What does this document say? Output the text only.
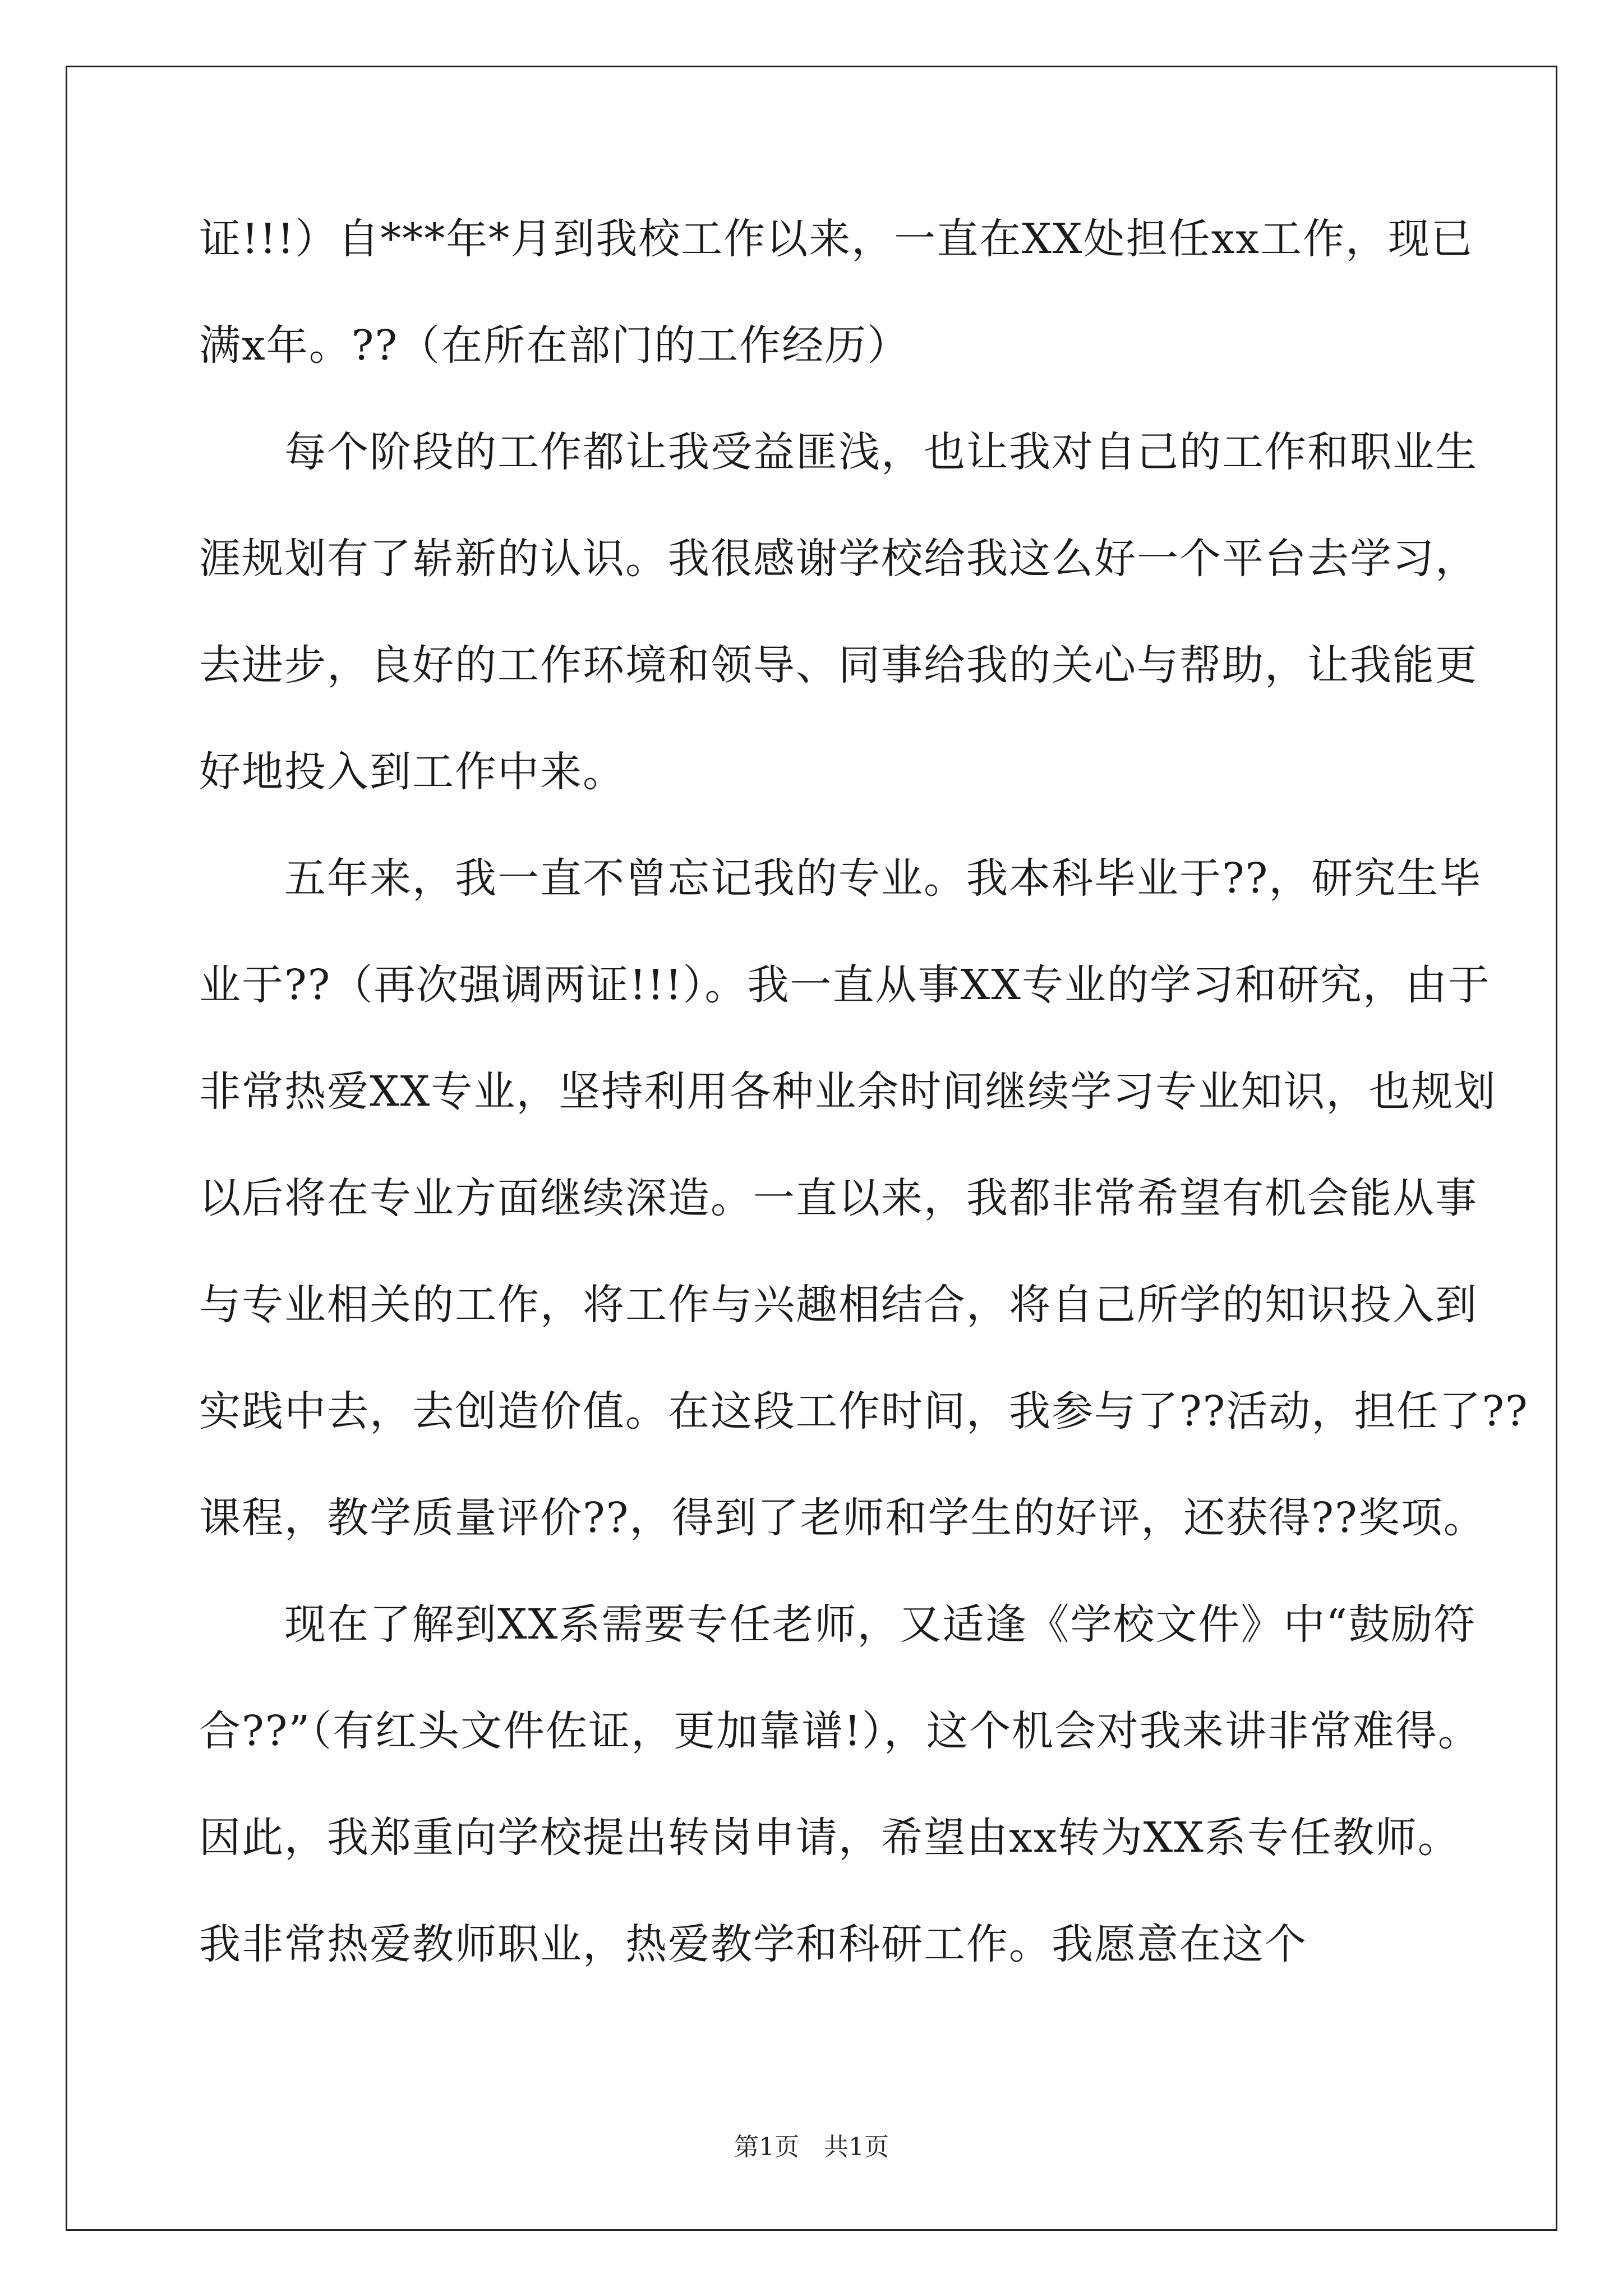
证!!!）自***年*月到我校工作以来，一直在XX处担任xx工作，现已
满x年。??（在所在部门的工作经历）
　　每个阶段的工作都让我受益匪浅，也让我对自己的工作和职业生
涯规划有了崭新的认识。我很感谢学校给我这么好一个平台去学习，
去进步，良好的工作环境和领导、同事给我的关心与帮助，让我能更
好地投入到工作中来。
　　五年来，我一直不曾忘记我的专业。我本科毕业于??，研究生毕
业于??（再次强调两证!!!）。我一直从事XX专业的学习和研究，由于
非常热爱XX专业，坚持利用各种业余时间继续学习专业知识，也规划
以后将在专业方面继续深造。一直以来，我都非常希望有机会能从事
与专业相关的工作，将工作与兴趣相结合，将自己所学的知识投入到
实践中去，去创造价值。在这段工作时间，我参与了??活动，担任了??
课程，教学质量评价??，得到了老师和学生的好评，还获得??奖项。
　　现在了解到XX系需要专任老师，又适逢《学校文件》中“鼓励符
合??”（有红头文件佐证，更加靠谱!），这个机会对我来讲非常难得。
因此，我郑重向学校提出转岗申请，希望由xx转为XX系专任教师。
我非常热爱教师职业，热爱教学和科研工作。我愿意在这个
第1页　共1页
